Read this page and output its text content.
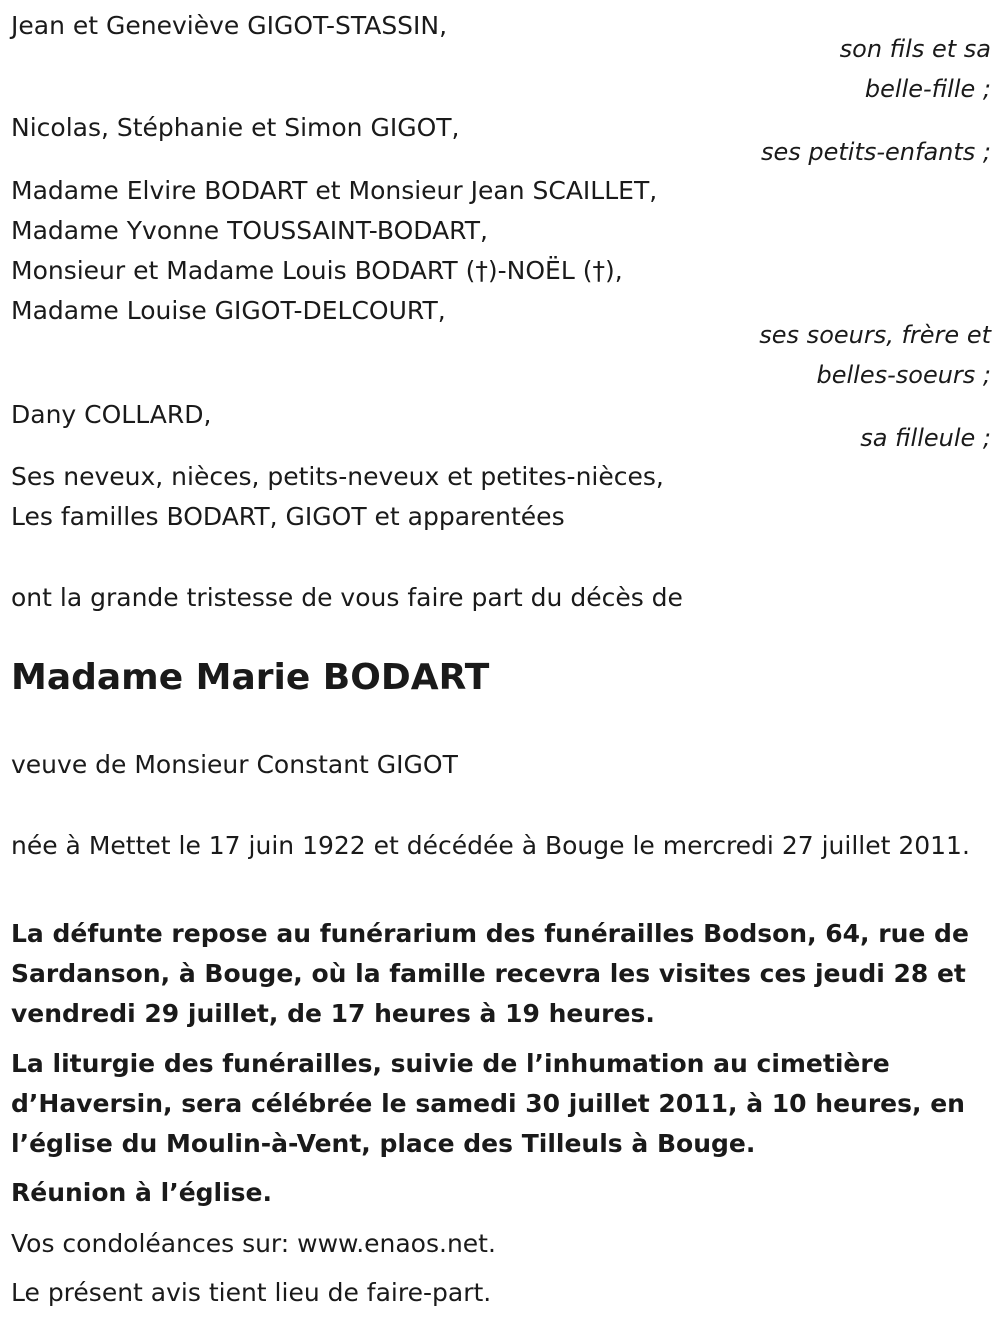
Jean et Geneviève GIGOT-STASSIN,

son fils et sa

belle-fille ;

Nicolas, Stéphanie et Simon GIGOT,

ses petits-enfants ;

Madame Elvire BODART et Monsieur Jean SCAILLET,

Madame Yvonne TOUSSAINT-BODART,

Monsieur et Madame Louis BODART (†)-NOËL (†),

Madame Louise GIGOT-DELCOURT,

ses soeurs, frère et

belles-soeurs ;

Dany COLLARD,

sa filleule ;

Ses neveux, nièces, petits-neveux et petites-nièces,

Les familles BODART, GIGOT et apparentées

ont la grande tristesse de vous faire part du décès de

Madame Marie BODART

veuve de Monsieur Constant GIGOT

née à Mettet le 17 juin 1922 et décédée à Bouge le mercredi 27 juillet 2011.

La défunte repose au funérarium des funérailles Bodson, 64, rue de Sardanson, à Bouge, où la famille recevra les visites ces jeudi 28 et vendredi 29 juillet, de 17 heures à 19 heures.

La liturgie des funérailles, suivie de l’inhumation au cimetière d’Haversin, sera célébrée le samedi 30 juillet 2011, à 10 heures, en l’église du Moulin-à-Vent, place des Tilleuls à Bouge.

Réunion à l’église.

Vos condoléances sur: www.enaos.net.

Le présent avis tient lieu de faire-part.
